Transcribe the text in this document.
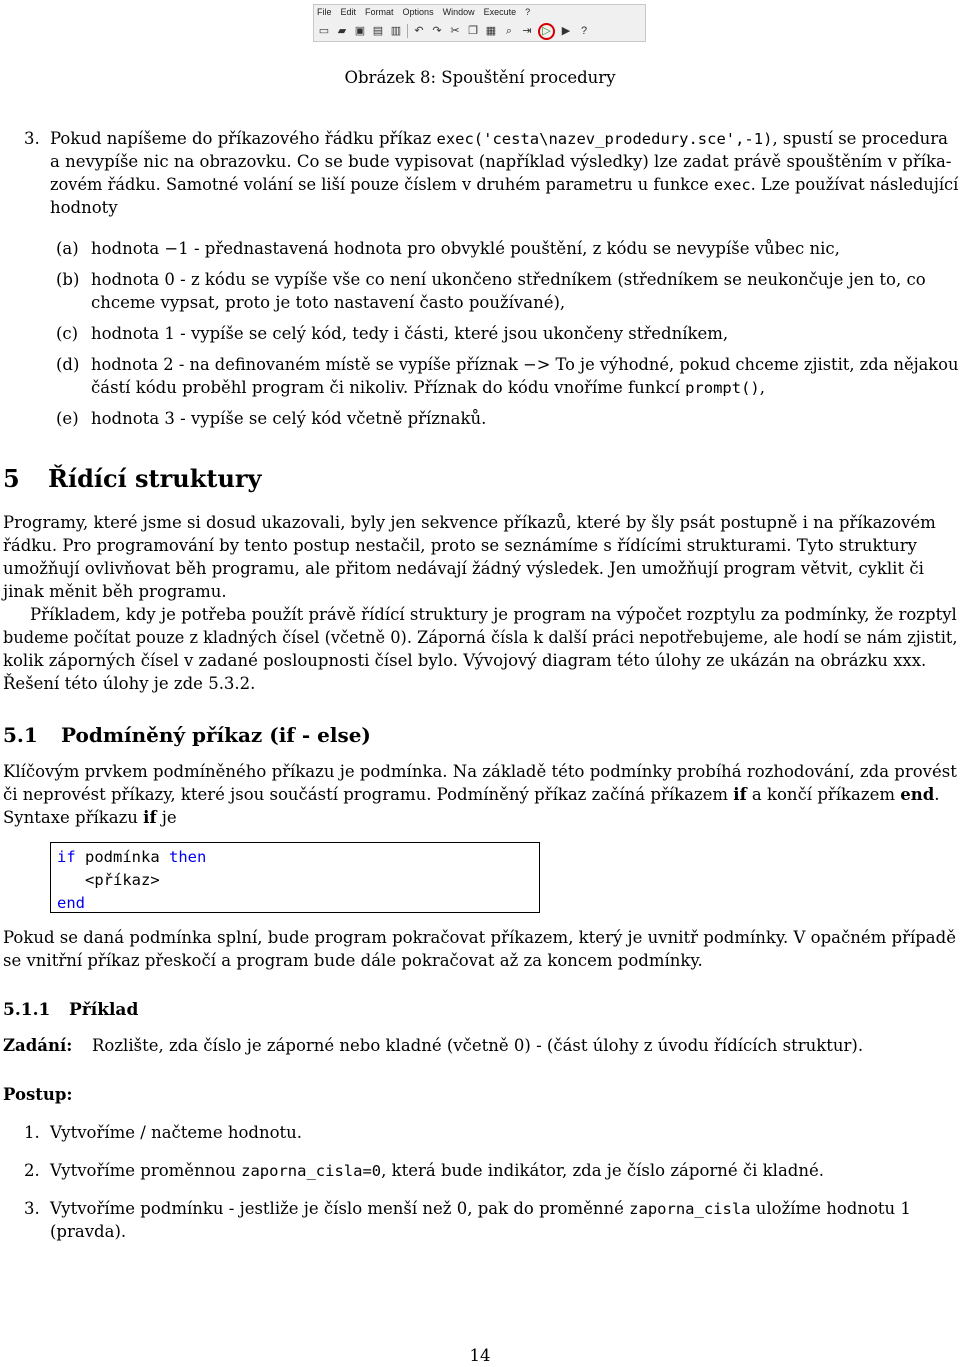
File Edit Format Options Window Execute ?
▭ ▰ ▣ ▤ ▥ ↶ ↷ ✂ ❐ ▦ ⌕ ⇥ ▷	▶ ?
Obrázek 8: Spouštění procedury
3. Pokud napíšeme do příkazového řádku příkaz exec('cesta\nazev_prodedury.sce',-1), spustí se procedura
a nevypíše nic na obrazovku. Co se bude vypisovat (například výsledky) lze zadat právě spouštěním v příka-
zovém řádku. Samotné volání se liší pouze číslem v druhém parametru u funkce exec. Lze používat následující
hodnoty
(a) hodnota −1 - přednastavená hodnota pro obvyklé pouštění, z kódu se nevypíše vůbec nic,
(b) hodnota 0 - z kódu se vypíše vše co není ukončeno středníkem (středníkem se neukončuje jen to, co
chceme vypsat, proto je toto nastavení často používané),
(c) hodnota 1 - vypíše se celý kód, tedy i části, které jsou ukončeny středníkem,
(d) hodnota 2 - na definovaném místě se vypíše příznak −> To je výhodné, pokud chceme zjistit, zda nějakou
částí kódu proběhl program či nikoliv. Příznak do kódu vnoříme funkcí prompt(),
(e) hodnota 3 - vypíše se celý kód včetně příznaků.
5 Řídící struktury
Programy, které jsme si dosud ukazovali, byly jen sekvence příkazů, které by šly psát postupně i na příkazovém
řádku. Pro programování by tento postup nestačil, proto se seznámíme s řídícími strukturami. Tyto struktury
umožňují ovlivňovat běh programu, ale přitom nedávají žádný výsledek. Jen umožňují program větvit, cyklit či
jinak měnit běh programu.
Příkladem, kdy je potřeba použít právě řídící struktury je program na výpočet rozptylu za podmínky, že rozptyl
budeme počítat pouze z kladných čísel (včetně 0). Záporná čísla k další práci nepotřebujeme, ale hodí se nám zjistit,
kolik záporných čísel v zadané posloupnosti čísel bylo. Vývojový diagram této úlohy ze ukázán na obrázku xxx.
Řešení této úlohy je zde 5.3.2.
5.1 Podmíněný příkaz (if - else)
Klíčovým prvkem podmíněného příkazu je podmínka. Na základě této podmínky probíhá rozhodování, zda provést
či neprovést příkazy, které jsou součástí programu. Podmíněný příkaz začíná příkazem if a končí příkazem end.
Syntaxe příkazu if je
if podmínka then
<příkaz>
end
Pokud se daná podmínka splní, bude program pokračovat příkazem, který je uvnitř podmínky. V opačném případě
se vnitřní příkaz přeskočí a program bude dále pokračovat až za koncem podmínky.
5.1.1 Příklad
Zadání: Rozlište, zda číslo je záporné nebo kladné (včetně 0) - (část úlohy z úvodu řídících struktur).
Postup:
1. Vytvoříme / načteme hodnotu.
2. Vytvoříme proměnnou zaporna_cisla=0, která bude indikátor, zda je číslo záporné či kladné.
3. Vytvoříme podmínku - jestliže je číslo menší než 0, pak do proměnné zaporna_cisla uložíme hodnotu 1
(pravda).
14
